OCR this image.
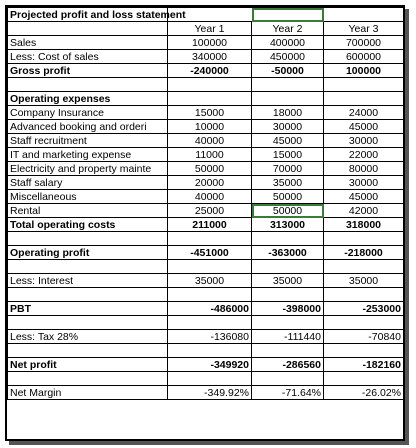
Projected profit and loss statement			
	Year 1	Year 2	Year 3
Sales	100000	400000	700000
Less: Cost of sales	340000	450000	600000
Gross profit	-240000	-50000	100000

Operating expenses			
Company Insurance	15000	18000	24000
Advanced booking and orderi	10000	30000	45000
Staff recruitment	40000	45000	30000
IT and marketing expense	11000	15000	22000
Electricity and property mainte	50000	70000	80000
Staff salary	20000	35000	30000
Miscellaneous	40000	50000	45000
Rental	25000	50000	42000
Total operating costs	211000	313000	318000

Operating profit	-451000	-363000	-218000

Less: Interest	35000	35000	35000

PBT	-486000	-398000	-253000

Less: Tax 28%	-136080	-111440	-70840

Net profit	-349920	-286560	-182160

Net Margin	-349.92%	-71.64%	-26.02%
